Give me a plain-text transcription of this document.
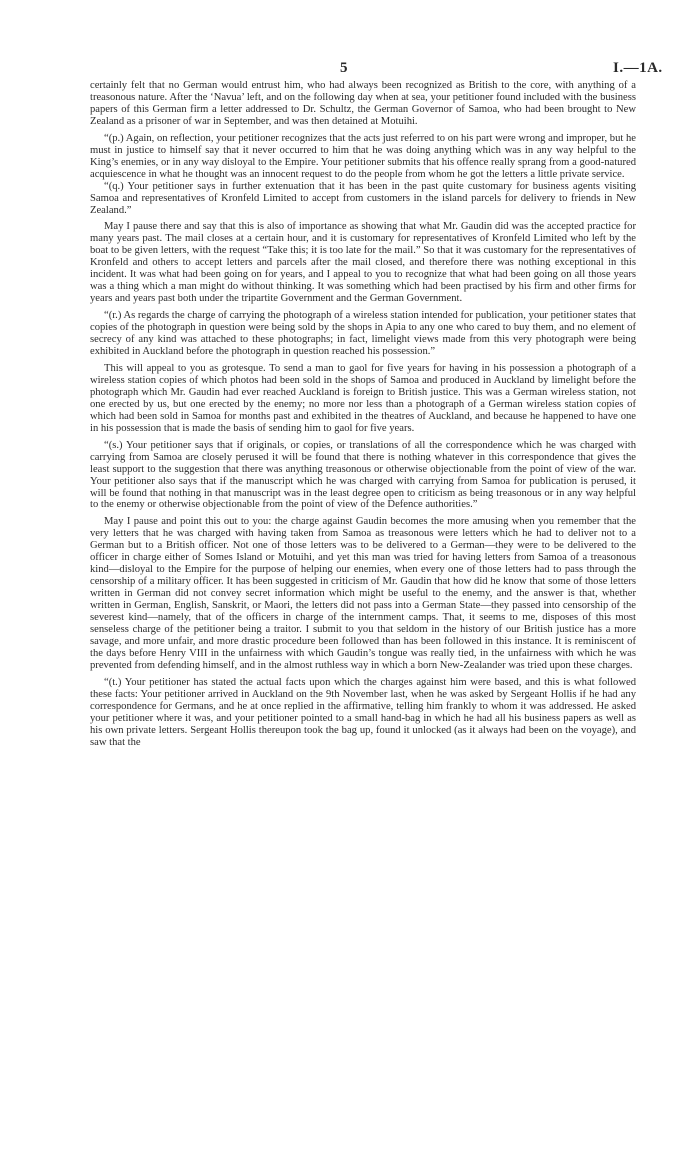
5	I.—1A.

certainly felt that no German would entrust him, who had always been recognized as British to the core, with anything of a treasonous nature. After the ‘Navua’ left, and on the following day when at sea, your petitioner found included with the business papers of this German firm a letter addressed to Dr. Schultz, the German Governor of Samoa, who had been brought to New Zealand as a prisoner of war in September, and was then detained at Motuihi.

“(p.) Again, on reflection, your petitioner recognizes that the acts just referred to on his part were wrong and improper, but he must in justice to himself say that it never occurred to him that he was doing anything which was in any way helpful to the King’s enemies, or in any way disloyal to the Empire. Your petitioner submits that his offence really sprang from a good-natured acquiescence in what he thought was an innocent request to do the people from whom he got the letters a little private service.

“(q.) Your petitioner says in further extenuation that it has been in the past quite customary for business agents visiting Samoa and representatives of Kronfeld Limited to accept from customers in the island parcels for delivery to friends in New Zealand.”

May I pause there and say that this is also of importance as showing that what Mr. Gaudin did was the accepted practice for many years past. The mail closes at a certain hour, and it is customary for representatives of Kronfeld Limited who left by the boat to be given letters, with the request “Take this; it is too late for the mail.” So that it was customary for the representatives of Kronfeld and others to accept letters and parcels after the mail closed, and therefore there was nothing exceptional in this incident. It was what had been going on for years, and I appeal to you to recognize that what had been going on all those years was a thing which a man might do without thinking. It was something which had been practised by his firm and other firms for years and years past both under the tripartite Government and the German Government.

“(r.) As regards the charge of carrying the photograph of a wireless station intended for publication, your petitioner states that copies of the photograph in question were being sold by the shops in Apia to any one who cared to buy them, and no element of secrecy of any kind was attached to these photographs; in fact, limelight views made from this very photograph were being exhibited in Auckland before the photograph in question reached his possession.”

This will appeal to you as grotesque. To send a man to gaol for five years for having in his possession a photograph of a wireless station copies of which photos had been sold in the shops of Samoa and produced in Auckland by limelight before the photograph which Mr. Gaudin had ever reached Auckland is foreign to British justice. This was a German wireless station, not one erected by us, but one erected by the enemy; no more nor less than a photograph of a German wireless station copies of which had been sold in Samoa for months past and exhibited in the theatres of Auckland, and because he happened to have one in his possession that is made the basis of sending him to gaol for five years.

“(s.) Your petitioner says that if originals, or copies, or translations of all the correspondence which he was charged with carrying from Samoa are closely perused it will be found that there is nothing whatever in this correspondence that gives the least support to the suggestion that there was anything treasonous or otherwise objectionable from the point of view of the war. Your petitioner also says that if the manuscript which he was charged with carrying from Samoa for publication is perused, it will be found that nothing in that manuscript was in the least degree open to criticism as being treasonous or in any way helpful to the enemy or otherwise objectionable from the point of view of the Defence authorities.”

May I pause and point this out to you: the charge against Gaudin becomes the more amusing when you remember that the very letters that he was charged with having taken from Samoa as treasonous were letters which he had to deliver not to a German but to a British officer. Not one of those letters was to be delivered to a German—they were to be delivered to the officer in charge either of Somes Island or Motuihi, and yet this man was tried for having letters from Samoa of a treasonous kind—disloyal to the Empire for the purpose of helping our enemies, when every one of those letters had to pass through the censorship of a military officer. It has been suggested in criticism of Mr. Gaudin that how did he know that some of those letters written in German did not convey secret information which might be useful to the enemy, and the answer is that, whether written in German, English, Sanskrit, or Maori, the letters did not pass into a German State—they passed into censorship of the severest kind—namely, that of the officers in charge of the internment camps. That, it seems to me, disposes of this most senseless charge of the petitioner being a traitor. I submit to you that seldom in the history of our British justice has a more savage, and more unfair, and more drastic procedure been followed than has been followed in this instance. It is reminiscent of the days before Henry VIII in the unfairness with which Gaudin’s tongue was really tied, in the unfairness with which he was prevented from defending himself, and in the almost ruthless way in which a born New-Zealander was tried upon these charges.

“(t.) Your petitioner has stated the actual facts upon which the charges against him were based, and this is what followed these facts: Your petitioner arrived in Auckland on the 9th November last, when he was asked by Sergeant Hollis if he had any correspondence for Germans, and he at once replied in the affirmative, telling him frankly to whom it was addressed. He asked your petitioner where it was, and your petitioner pointed to a small hand-bag in which he had all his business papers as well as his own private letters. Sergeant Hollis thereupon took the bag up, found it unlocked (as it always had been on the voyage), and saw that the
